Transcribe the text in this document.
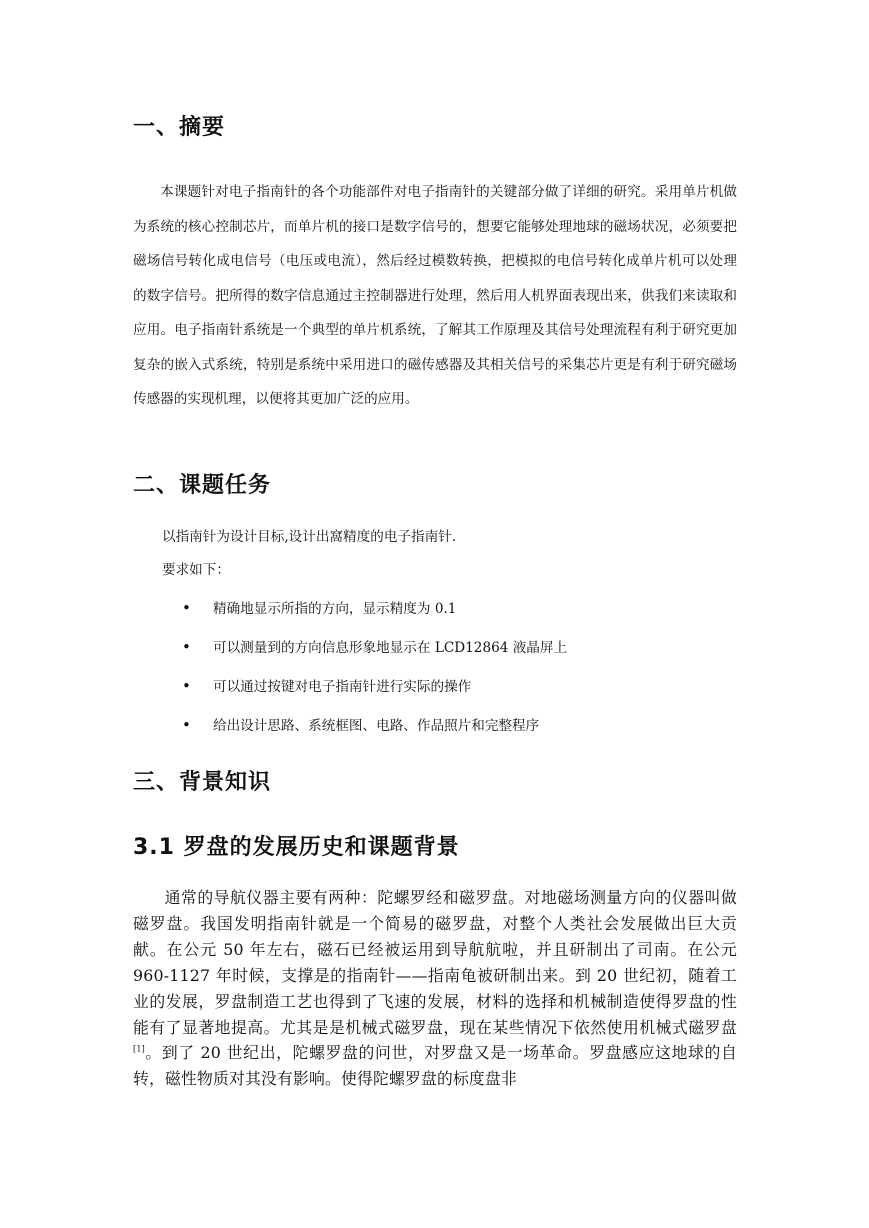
一、摘要

本课题针对电子指南针的各个功能部件对电子指南针的关键部分做了详细的研究。采用单片机做为系统的核心控制芯片，而单片机的接口是数字信号的，想要它能够处理地球的磁场状况，必须要把磁场信号转化成电信号（电压或电流），然后经过模数转换，把模拟的电信号转化成单片机可以处理的数字信号。把所得的数字信息通过主控制器进行处理，然后用人机界面表现出来，供我们来读取和应用。电子指南针系统是一个典型的单片机系统，了解其工作原理及其信号处理流程有利于研究更加复杂的嵌入式系统，特别是系统中采用进口的磁传感器及其相关信号的采集芯片更是有利于研究磁场传感器的实现机理，以便将其更加广泛的应用。

二、课题任务

以指南针为设计目标,设计出窩精度的电子指南针.

要求如下：

• 精确地显示所指的方向，显示精度为 0.1
• 可以测量到的方向信息形象地显示在 LCD12864 液晶屏上
• 可以通过按键对电子指南针进行实际的操作
• 给出设计思路、系统框图、电路、作品照片和完整程序
三、背景知识
3.1 罗盘的发展历史和课题背景

通常的导航仪器主要有两种：陀螺罗经和磁罗盘。对地磁场测量方向的仪器叫做磁罗盘。我国发明指南针就是一个简易的磁罗盘，对整个人类社会发展做出巨大贡献。在公元 50 年左右，磁石已经被运用到导航航啦，并且研制出了司南。在公元 960-1127 年时候，支撑是的指南针——指南龟被研制出来。到 20 世纪初，随着工业的发展，罗盘制造工艺也得到了飞速的发展，材料的选择和机械制造使得罗盘的性能有了显著地提高。尤其是是机械式磁罗盘，现在某些情况下依然使用机械式磁罗盘 [1]。到了 20 世纪出，陀螺罗盘的问世，对罗盘又是一场革命。罗盘感应这地球的自转，磁性物质对其没有影响。使得陀螺罗盘的标度盘非
